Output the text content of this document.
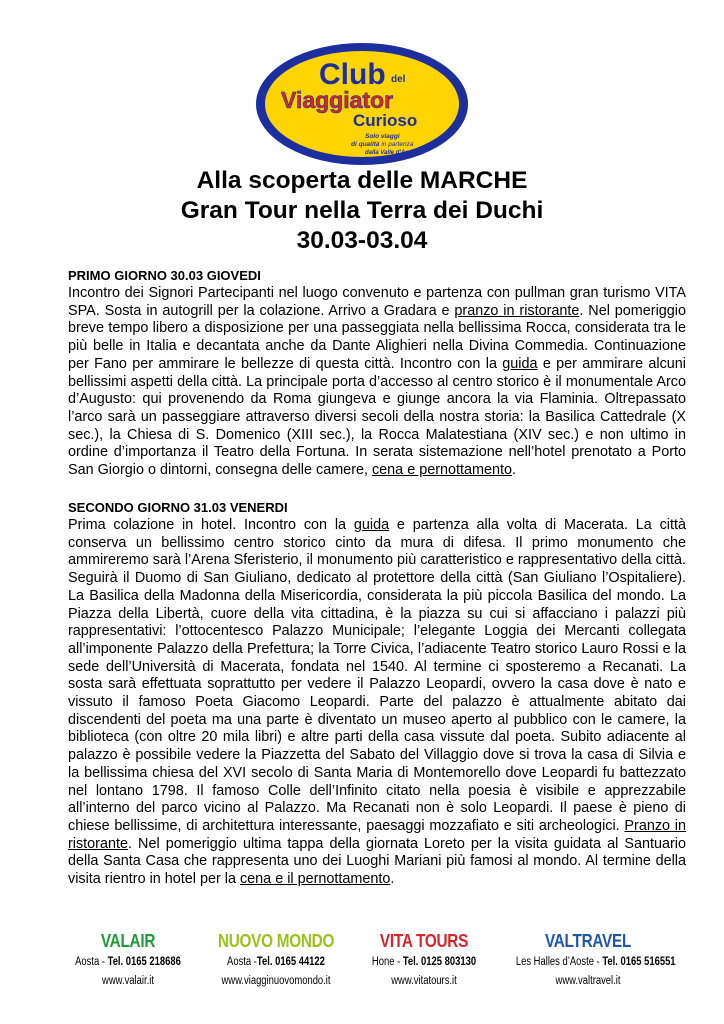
Club del
Viaggiator
Curioso
Solo viaggi
di qualità in partenza
dalla Valle d'Aosta
Alla scoperta delle MARCHE
Gran Tour nella Terra dei Duchi
30.03-03.04
PRIMO GIORNO 30.03 GIOVEDI
Incontro dei Signori Partecipanti nel luogo convenuto e partenza con pullman gran turismo VITA SPA. Sosta in autogrill per la colazione. Arrivo a Gradara e pranzo in ristorante. Nel pomeriggio breve tempo libero a disposizione per una passeggiata nella bellissima Rocca, considerata tra le più belle in Italia e decantata anche da Dante Alighieri nella Divina Commedia. Continuazione per Fano per ammirare le bellezze di questa città. Incontro con la guida e per ammirare alcuni bellissimi aspetti della città. La principale porta d’accesso al centro storico è il monumentale Arco d’Augusto: qui provenendo da Roma giungeva e giunge ancora la via Flaminia. Oltrepassato l’arco sarà un passeggiare attraverso diversi secoli della nostra storia: la Basilica Cattedrale (X sec.), la Chiesa di S. Domenico (XIII sec.), la Rocca Malatestiana (XIV sec.) e non ultimo in ordine d’importanza il Teatro della Fortuna. In serata sistemazione nell’hotel prenotato a Porto San Giorgio o dintorni, consegna delle camere, cena e pernottamento.
SECONDO GIORNO 31.03 VENERDI
Prima colazione in hotel. Incontro con la guida e partenza alla volta di Macerata. La città conserva un bellissimo centro storico cinto da mura di difesa. Il primo monumento che ammireremo sarà l’Arena Sferisterio, il monumento più caratteristico e rappresentativo della città. Seguirà il Duomo di San Giuliano, dedicato al protettore della città (San Giuliano l’Ospitaliere). La Basilica della Madonna della Misericordia, considerata la più piccola Basilica del mondo. La Piazza della Libertà, cuore della vita cittadina, è la piazza su cui si affacciano i palazzi più rappresentativi: l’ottocentesco Palazzo Municipale; l’elegante Loggia dei Mercanti collegata all’imponente Palazzo della Prefettura; la Torre Civica, l’adiacente Teatro storico Lauro Rossi e la sede dell’Università di Macerata, fondata nel 1540. Al termine ci sposteremo a Recanati. La sosta sarà effettuata soprattutto per vedere il Palazzo Leopardi, ovvero la casa dove è nato e vissuto il famoso Poeta Giacomo Leopardi. Parte del palazzo è attualmente abitato dai discendenti del poeta ma una parte è diventato un museo aperto al pubblico con le camere, la biblioteca (con oltre 20 mila libri) e altre parti della casa vissute dal poeta. Subito adiacente al palazzo è possibile vedere la Piazzetta del Sabato del Villaggio dove si trova la casa di Silvia e la bellissima chiesa del XVI secolo di Santa Maria di Montemorello dove Leopardi fu battezzato nel lontano 1798. Il famoso Colle dell’Infinito citato nella poesia è visibile e apprezzabile all’interno del parco vicino al Palazzo. Ma Recanati non è solo Leopardi. Il paese è pieno di chiese bellissime, di architettura interessante, paesaggi mozzafiato e siti archeologici. Pranzo in ristorante. Nel pomeriggio ultima tappa della giornata Loreto per la visita guidata al Santuario della Santa Casa che rappresenta uno dei Luoghi Mariani più famosi al mondo. Al termine della visita rientro in hotel per la cena e il pernottamento.
VALAIR
Aosta - Tel. 0165 218686
www.valair.it
NUOVO MONDO
Aosta -Tel. 0165 44122
www.viagginuovomondo.it
VITA TOURS
Hone - Tel. 0125 803130
www.vitatours.it
VALTRAVEL
Les Halles d’Aoste - Tel. 0165 516551
www.valtravel.it
